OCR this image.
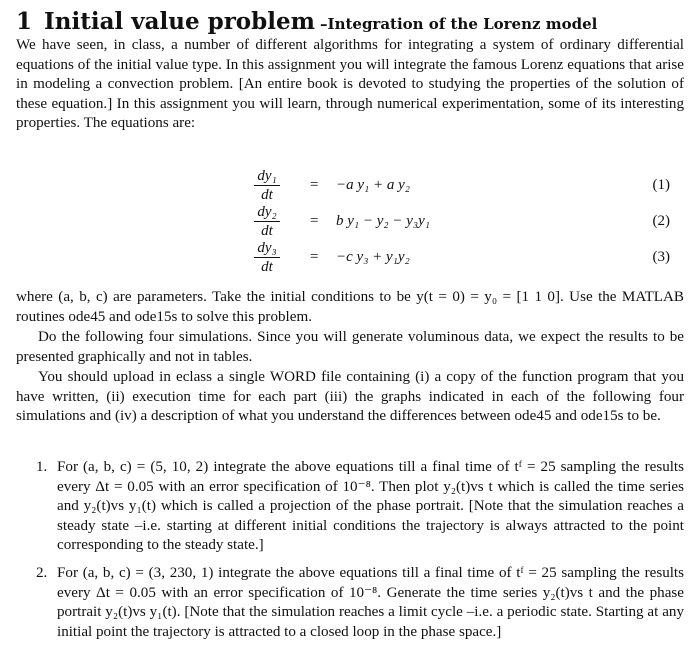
1 Initial value problem –Integration of the Lorenz model

We have seen, in class, a number of different algorithms for integrating a system of ordinary differential equations of the initial value type. In this assignment you will integrate the famous Lorenz equations that arise in modeling a convection problem. [An entire book is devoted to studying the properties of the solution of these equation.] In this assignment you will learn, through numerical experimentation, some of its interesting properties. The equations are:

dy₁
dt
= −a y₁ + a y₂	(1)
dy₂
dt
= b y₁ − y₂ − y₃y₁	(2)
dy₃
dt
= −c y₃ + y₁y₂	(3)

where (a, b, c) are parameters. Take the initial conditions to be y(t = 0) = y₀ = [1 1 0]. Use the MATLAB routines ode45 and ode15s to solve this problem.

Do the following four simulations. Since you will generate voluminous data, we expect the results to be presented graphically and not in tables.

You should upload in eclass a single WORD file containing (i) a copy of the function program that you have written, (ii) execution time for each part (iii) the graphs indicated in each of the following four simulations and (iv) a description of what you understand the differences between ode45 and ode15s to be.

1. For (a, b, c) = (5, 10, 2) integrate the above equations till a final time of tᶠ = 25 sampling the results every Δt = 0.05 with an error specification of 10⁻⁸. Then plot y₂(t)vs t which is called the time series and y₂(t)vs y₁(t) which is called a projection of the phase portrait. [Note that the simulation reaches a steady state –i.e. starting at different initial conditions the trajectory is always attracted to the point corresponding to the steady state.]
2. For (a, b, c) = (3, 230, 1) integrate the above equations till a final time of tᶠ = 25 sampling the results every Δt = 0.05 with an error specification of 10⁻⁸. Generate the time series y₂(t)vs t and the phase portrait y₂(t)vs y₁(t). [Note that the simulation reaches a limit cycle –i.e. a periodic state. Starting at any initial point the trajectory is attracted to a closed loop in the phase space.]
